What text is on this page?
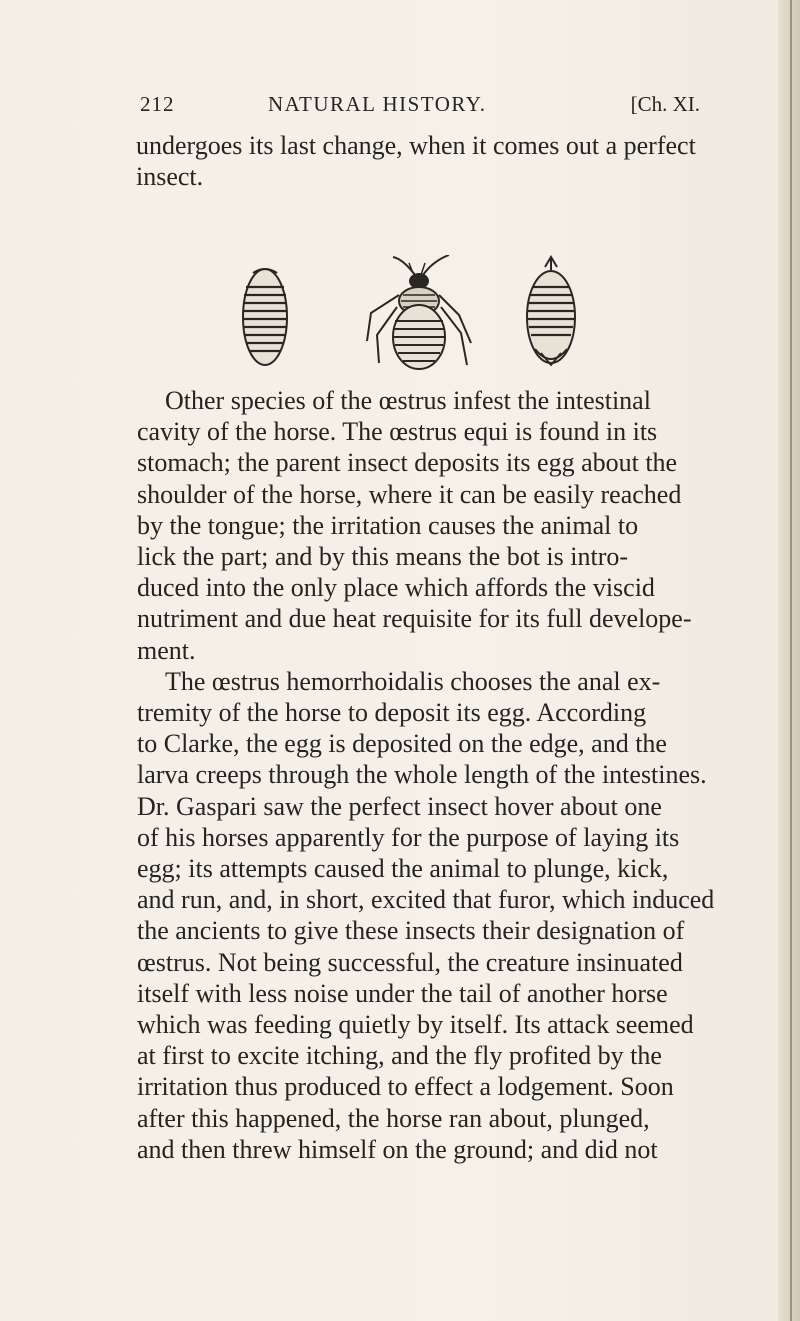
212	NATURAL HISTORY.	[Ch. XI.
undergoes its last change, when it comes out a perfect insect.

Other species of the œstrus infest the intestinal
cavity of the horse. The œstrus equi is found in its
stomach; the parent insect deposits its egg about the
shoulder of the horse, where it can be easily reached
by the tongue; the irritation causes the animal to
lick the part; and by this means the bot is intro-
duced into the only place which affords the viscid
nutriment and due heat requisite for its full develope-
ment.

The œstrus hemorrhoidalis chooses the anal ex-
tremity of the horse to deposit its egg. According
to Clarke, the egg is deposited on the edge, and the
larva creeps through the whole length of the intestines.
Dr. Gaspari saw the perfect insect hover about one
of his horses apparently for the purpose of laying its
egg; its attempts caused the animal to plunge, kick,
and run, and, in short, excited that furor, which induced
the ancients to give these insects their designation of
œstrus. Not being successful, the creature insinuated
itself with less noise under the tail of another horse
which was feeding quietly by itself. Its attack seemed
at first to excite itching, and the fly profited by the
irritation thus produced to effect a lodgement. Soon
after this happened, the horse ran about, plunged,
and then threw himself on the ground; and did not
